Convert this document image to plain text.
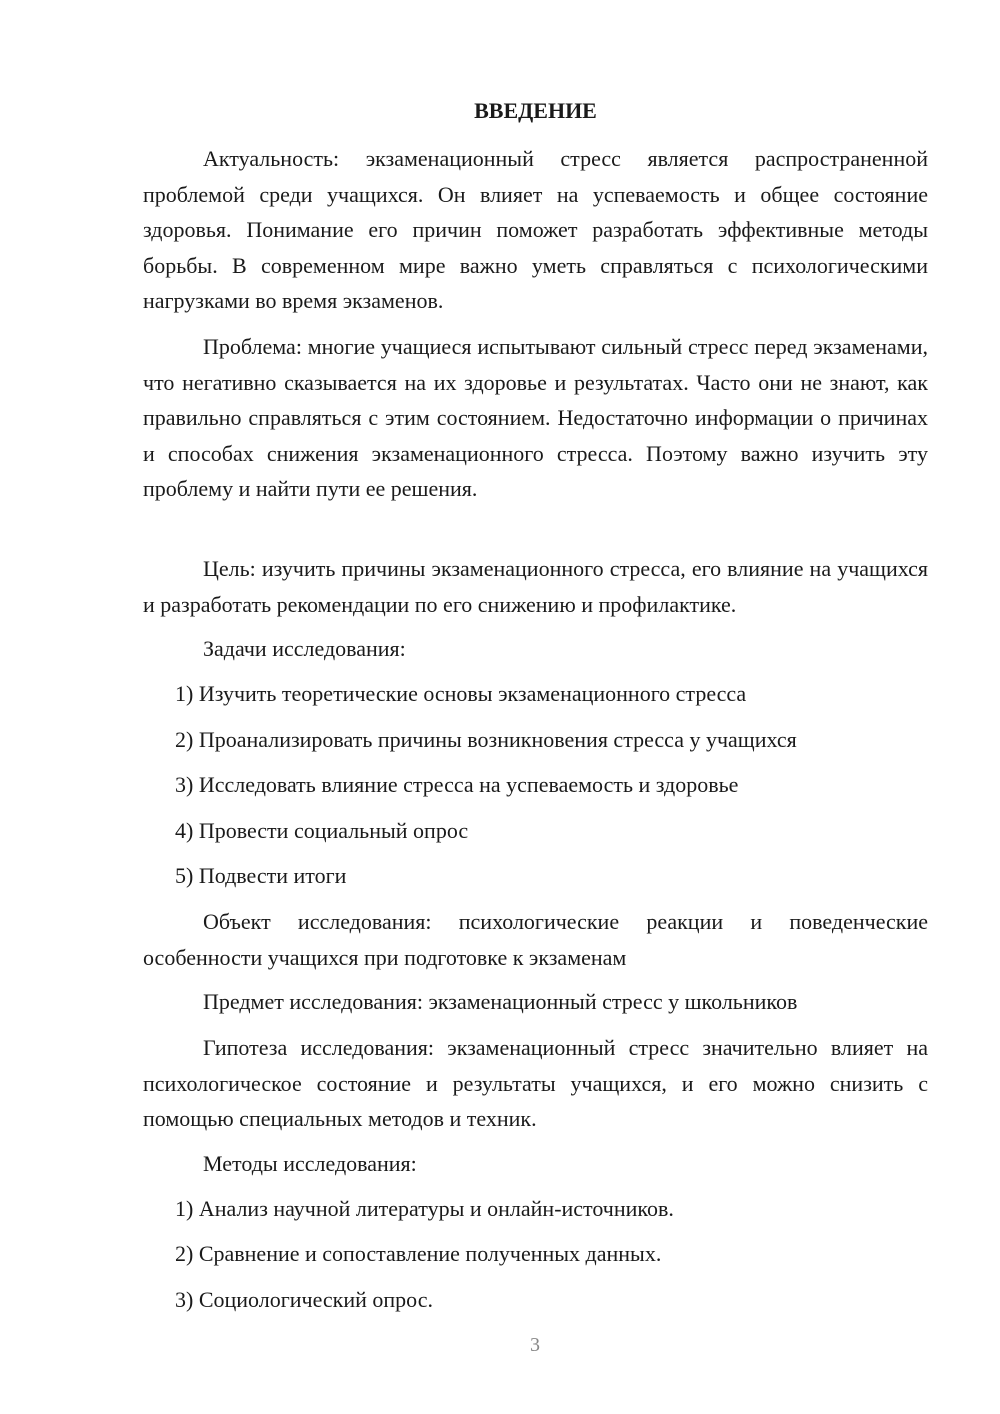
ВВЕДЕНИЕ

Актуальность: экзаменационный стресс является распространенной проблемой среди учащихся. Он влияет на успеваемость и общее состояние здоровья. Понимание его причин поможет разработать эффективные методы борьбы. В современном мире важно уметь справляться с психологическими нагрузками во время экзаменов.

Проблема: многие учащиеся испытывают сильный стресс перед экзаменами, что негативно сказывается на их здоровье и результатах. Часто они не знают, как правильно справляться с этим состоянием. Недостаточно информации о причинах и способах снижения экзаменационного стресса. Поэтому важно изучить эту проблему и найти пути ее решения.

Цель: изучить причины экзаменационного стресса, его влияние на учащихся и разработать рекомендации по его снижению и профилактике.

Задачи исследования:

1) Изучить теоретические основы экзаменационного стресса

2) Проанализировать причины возникновения стресса у учащихся

3) Исследовать влияние стресса на успеваемость и здоровье

4) Провести социальный опрос

5) Подвести итоги

Объект исследования: психологические реакции и поведенческие особенности учащихся при подготовке к экзаменам

Предмет исследования: экзаменационный стресс у школьников

Гипотеза исследования: экзаменационный стресс значительно влияет на психологическое состояние и результаты учащихся, и его можно снизить с помощью специальных методов и техник.

Методы исследования:

1) Анализ научной литературы и онлайн-источников.

2) Сравнение и сопоставление полученных данных.

3) Социологический опрос.

3
